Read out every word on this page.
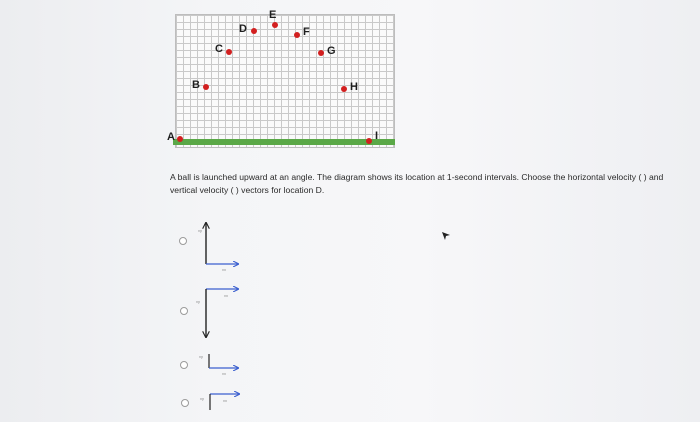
A
B
C
D
E
F
G
H
I
A ball is launched upward at an angle. The diagram shows its location at 1-second intervals. Choose the horizontal velocity ( ) and vertical velocity ( ) vectors for location D.
vy
vx
vx
vy
vy
vx
vy	vx
